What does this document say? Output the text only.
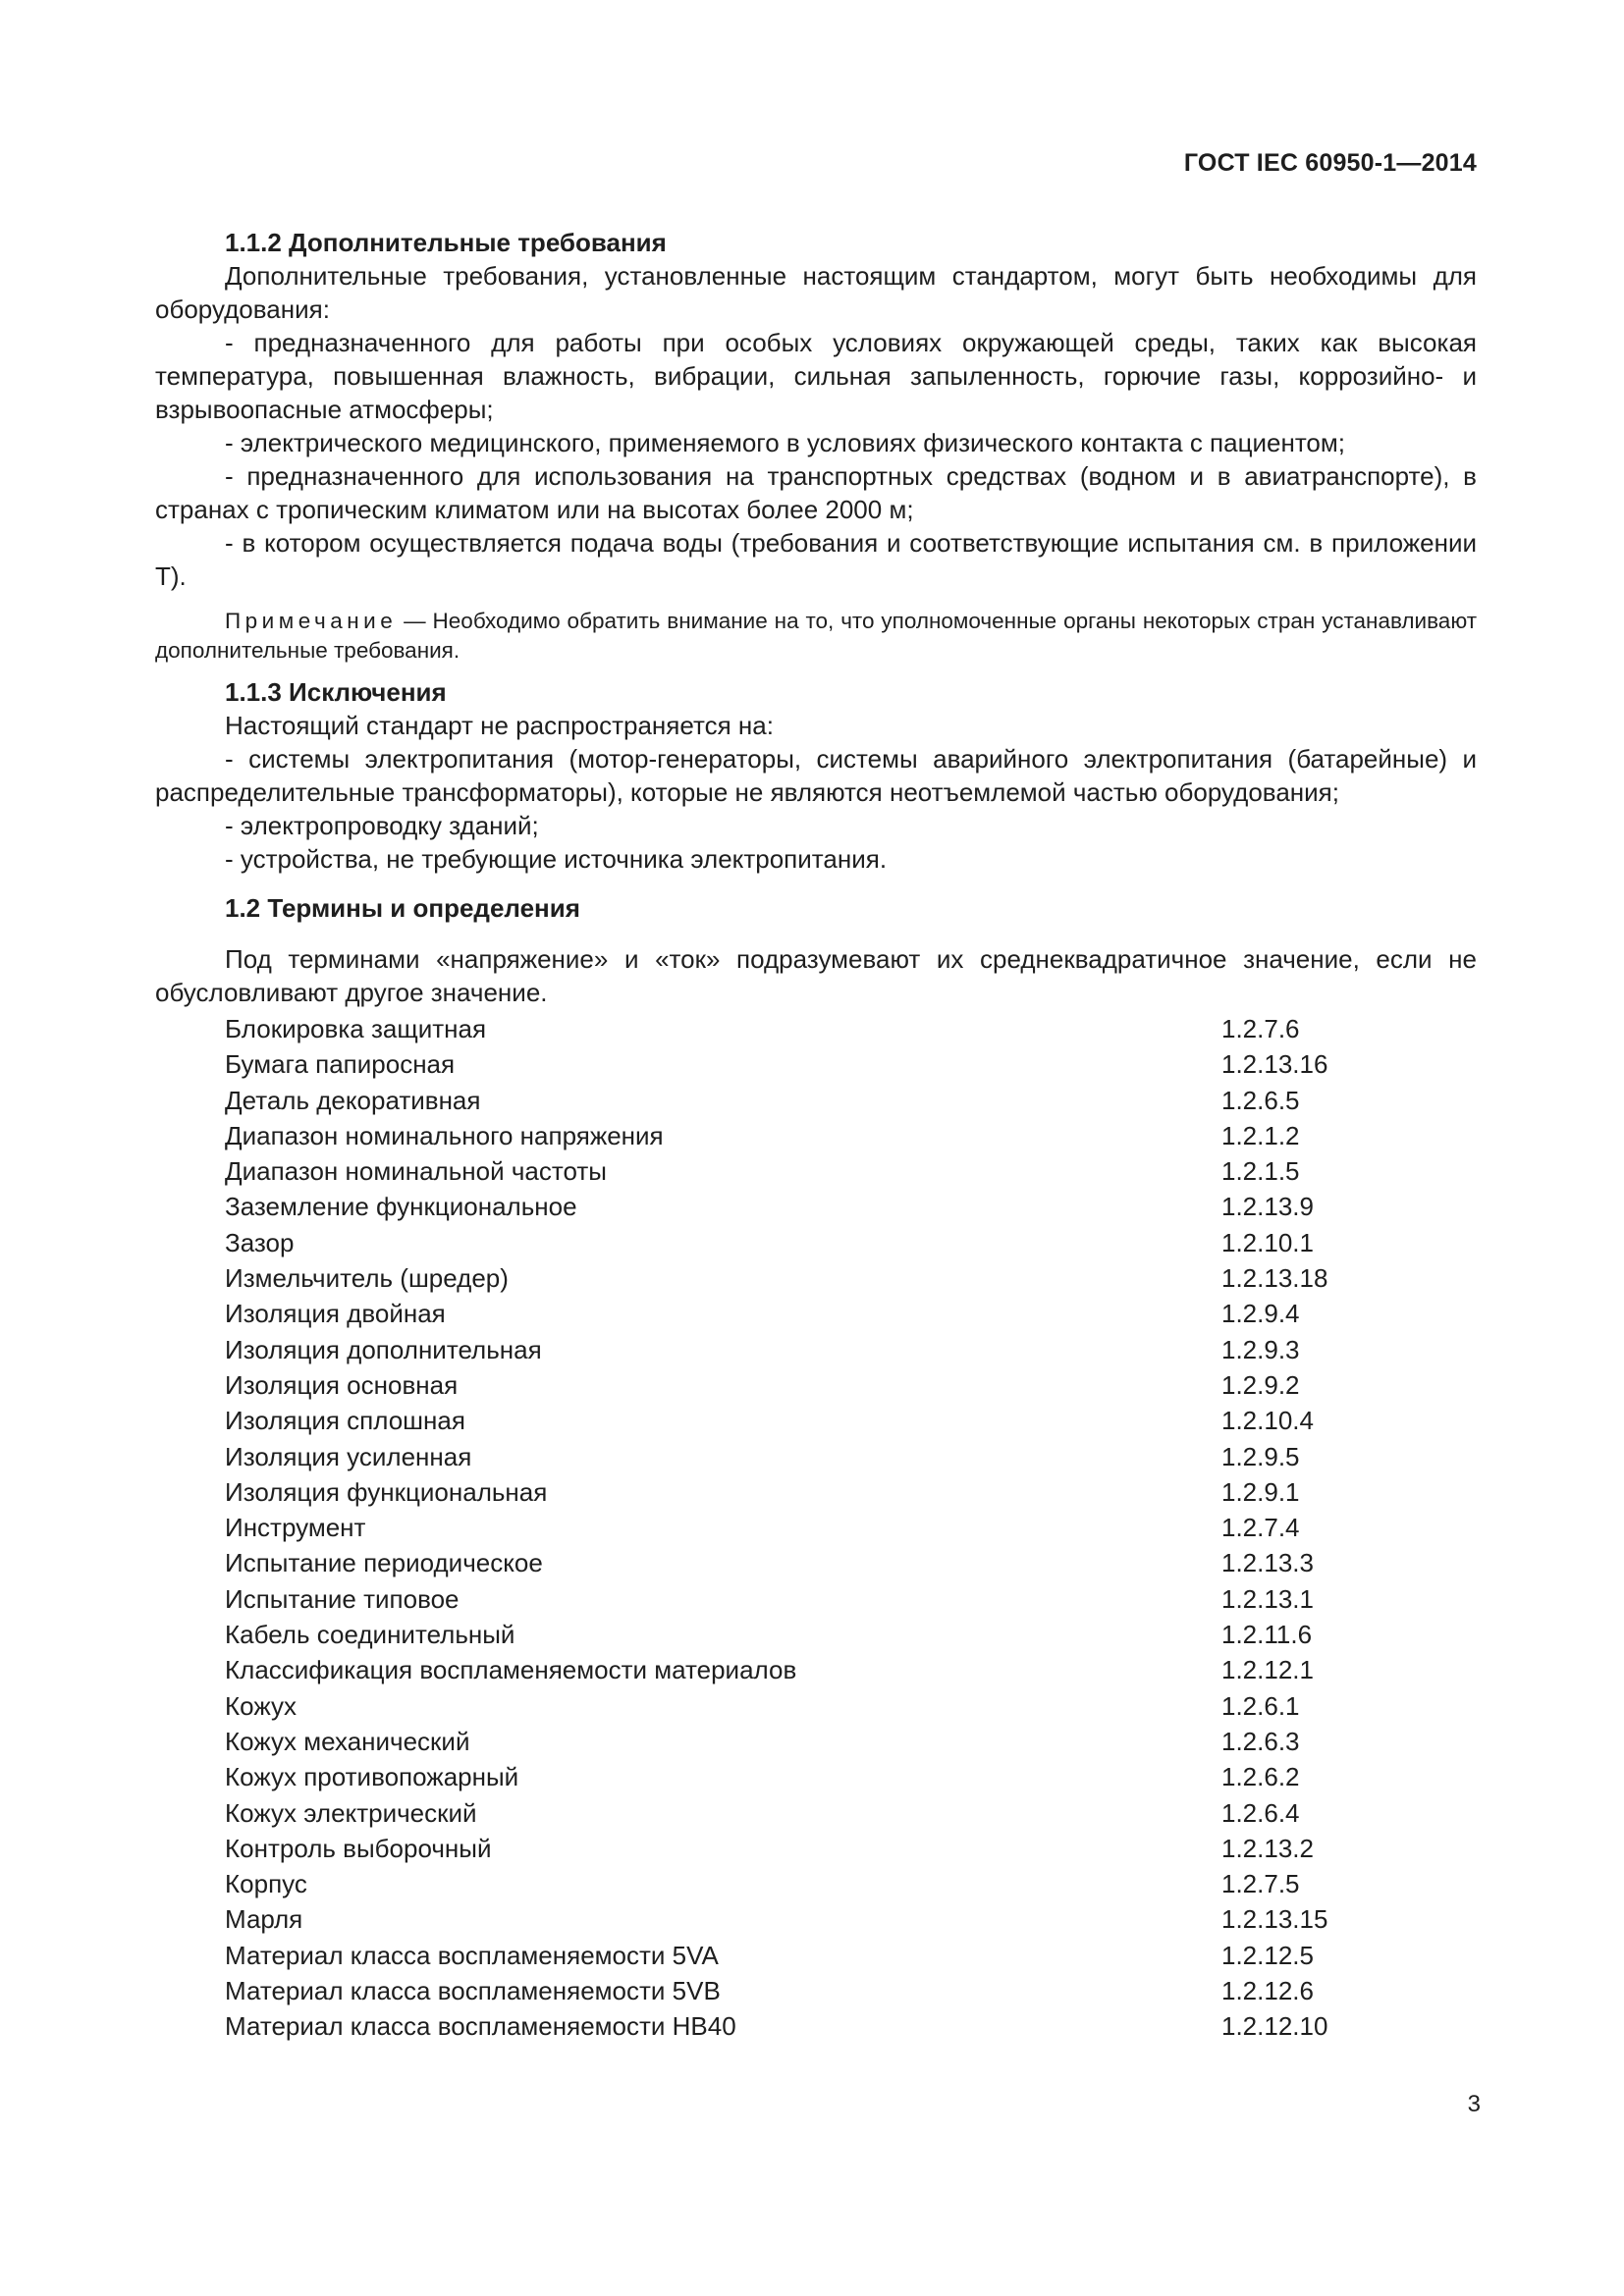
ГОСТ IEC 60950-1—2014
1.1.2 Дополнительные требования
Дополнительные требования, установленные настоящим стандартом, могут быть необходимы для оборудования:
- предназначенного для работы при особых условиях окружающей среды, таких как высокая температура, повышенная влажность, вибрации, сильная запыленность, горючие газы, коррозийно- и взрывоопасные атмосферы;
- электрического медицинского, применяемого в условиях физического контакта с пациентом;
- предназначенного для использования на транспортных средствах (водном и в авиатранспорте), в странах с тропическим климатом или на высотах более 2000 м;
- в котором осуществляется подача воды (требования и соответствующие испытания см. в приложении Т).
Примечание — Необходимо обратить внимание на то, что уполномоченные органы некоторых стран устанавливают дополнительные требования.
1.1.3 Исключения
Настоящий стандарт не распространяется на:
- системы электропитания (мотор-генераторы, системы аварийного электропитания (батарейные) и распределительные трансформаторы), которые не являются неотъемлемой частью оборудования;
- электропроводку зданий;
- устройства, не требующие источника электропитания.
1.2 Термины и определения
Под терминами «напряжение» и «ток» подразумевают их среднеквадратичное значение, если не обусловливают другое значение.
Блокировка защитная	1.2.7.6
Бумага папиросная	1.2.13.16
Деталь декоративная	1.2.6.5
Диапазон номинального напряжения	1.2.1.2
Диапазон номинальной частоты	1.2.1.5
Заземление функциональное	1.2.13.9
Зазор	1.2.10.1
Измельчитель (шредер)	1.2.13.18
Изоляция двойная	1.2.9.4
Изоляция дополнительная	1.2.9.3
Изоляция основная	1.2.9.2
Изоляция сплошная	1.2.10.4
Изоляция усиленная	1.2.9.5
Изоляция функциональная	1.2.9.1
Инструмент	1.2.7.4
Испытание периодическое	1.2.13.3
Испытание типовое	1.2.13.1
Кабель соединительный	1.2.11.6
Классификация воспламеняемости материалов	1.2.12.1
Кожух	1.2.6.1
Кожух механический	1.2.6.3
Кожух противопожарный	1.2.6.2
Кожух электрический	1.2.6.4
Контроль выборочный	1.2.13.2
Корпус	1.2.7.5
Марля	1.2.13.15
Материал класса воспламеняемости 5VA	1.2.12.5
Материал класса воспламеняемости 5VB	1.2.12.6
Материал класса воспламеняемости HB40	1.2.12.10
3
